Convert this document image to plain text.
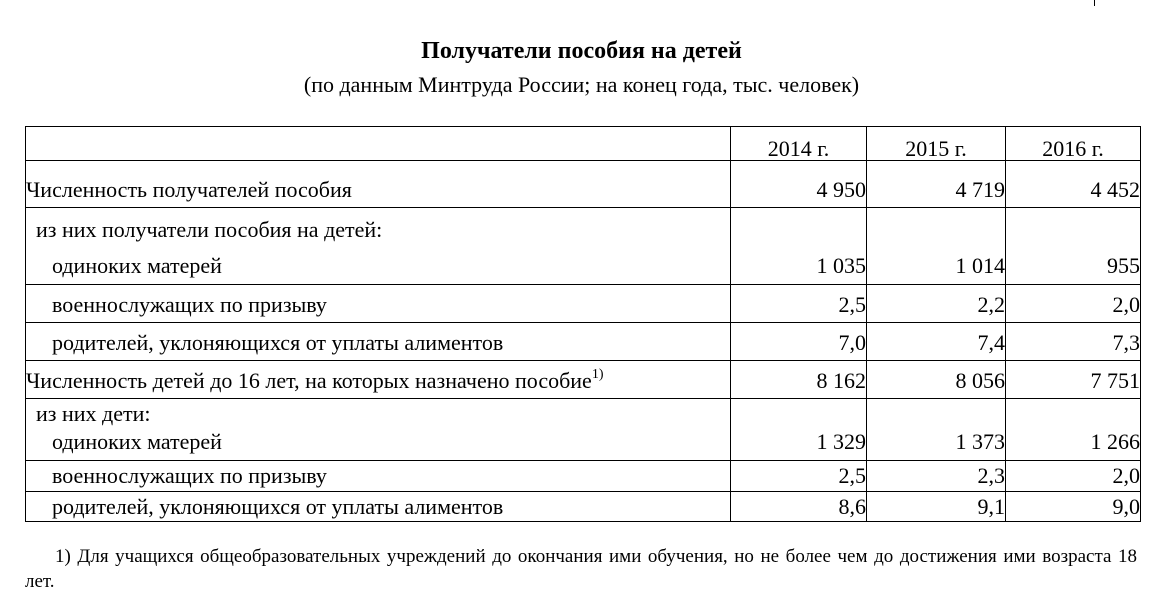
Получатели пособия на детей
(по данным Минтруда России; на конец года, тыс. человек)
	2014 г.	2015 г.	2016 г.
Численность получателей пособия	4 950	4 719	4 452

из них получатели пособия на детей:
одиноких матерей	1 035	1 014	955
военнослужащих по призыву	2,5	2,2	2,0
родителей, уклоняющихся от уплаты алиментов	7,0	7,4	7,3
Численность детей до 16 лет, на которых назначено пособие$^{1)}$	8 162	8 056	7 751

из них дети:
одиноких матерей	1 329	1 373	1 266
военнослужащих по призыву	2,5	2,3	2,0
родителей, уклоняющихся от уплаты алиментов	8,6	9,1	9,0
1) Для учащихся общеобразовательных учреждений до окончания ими обучения, но не более чем до достижения ими возраста 18 лет.
